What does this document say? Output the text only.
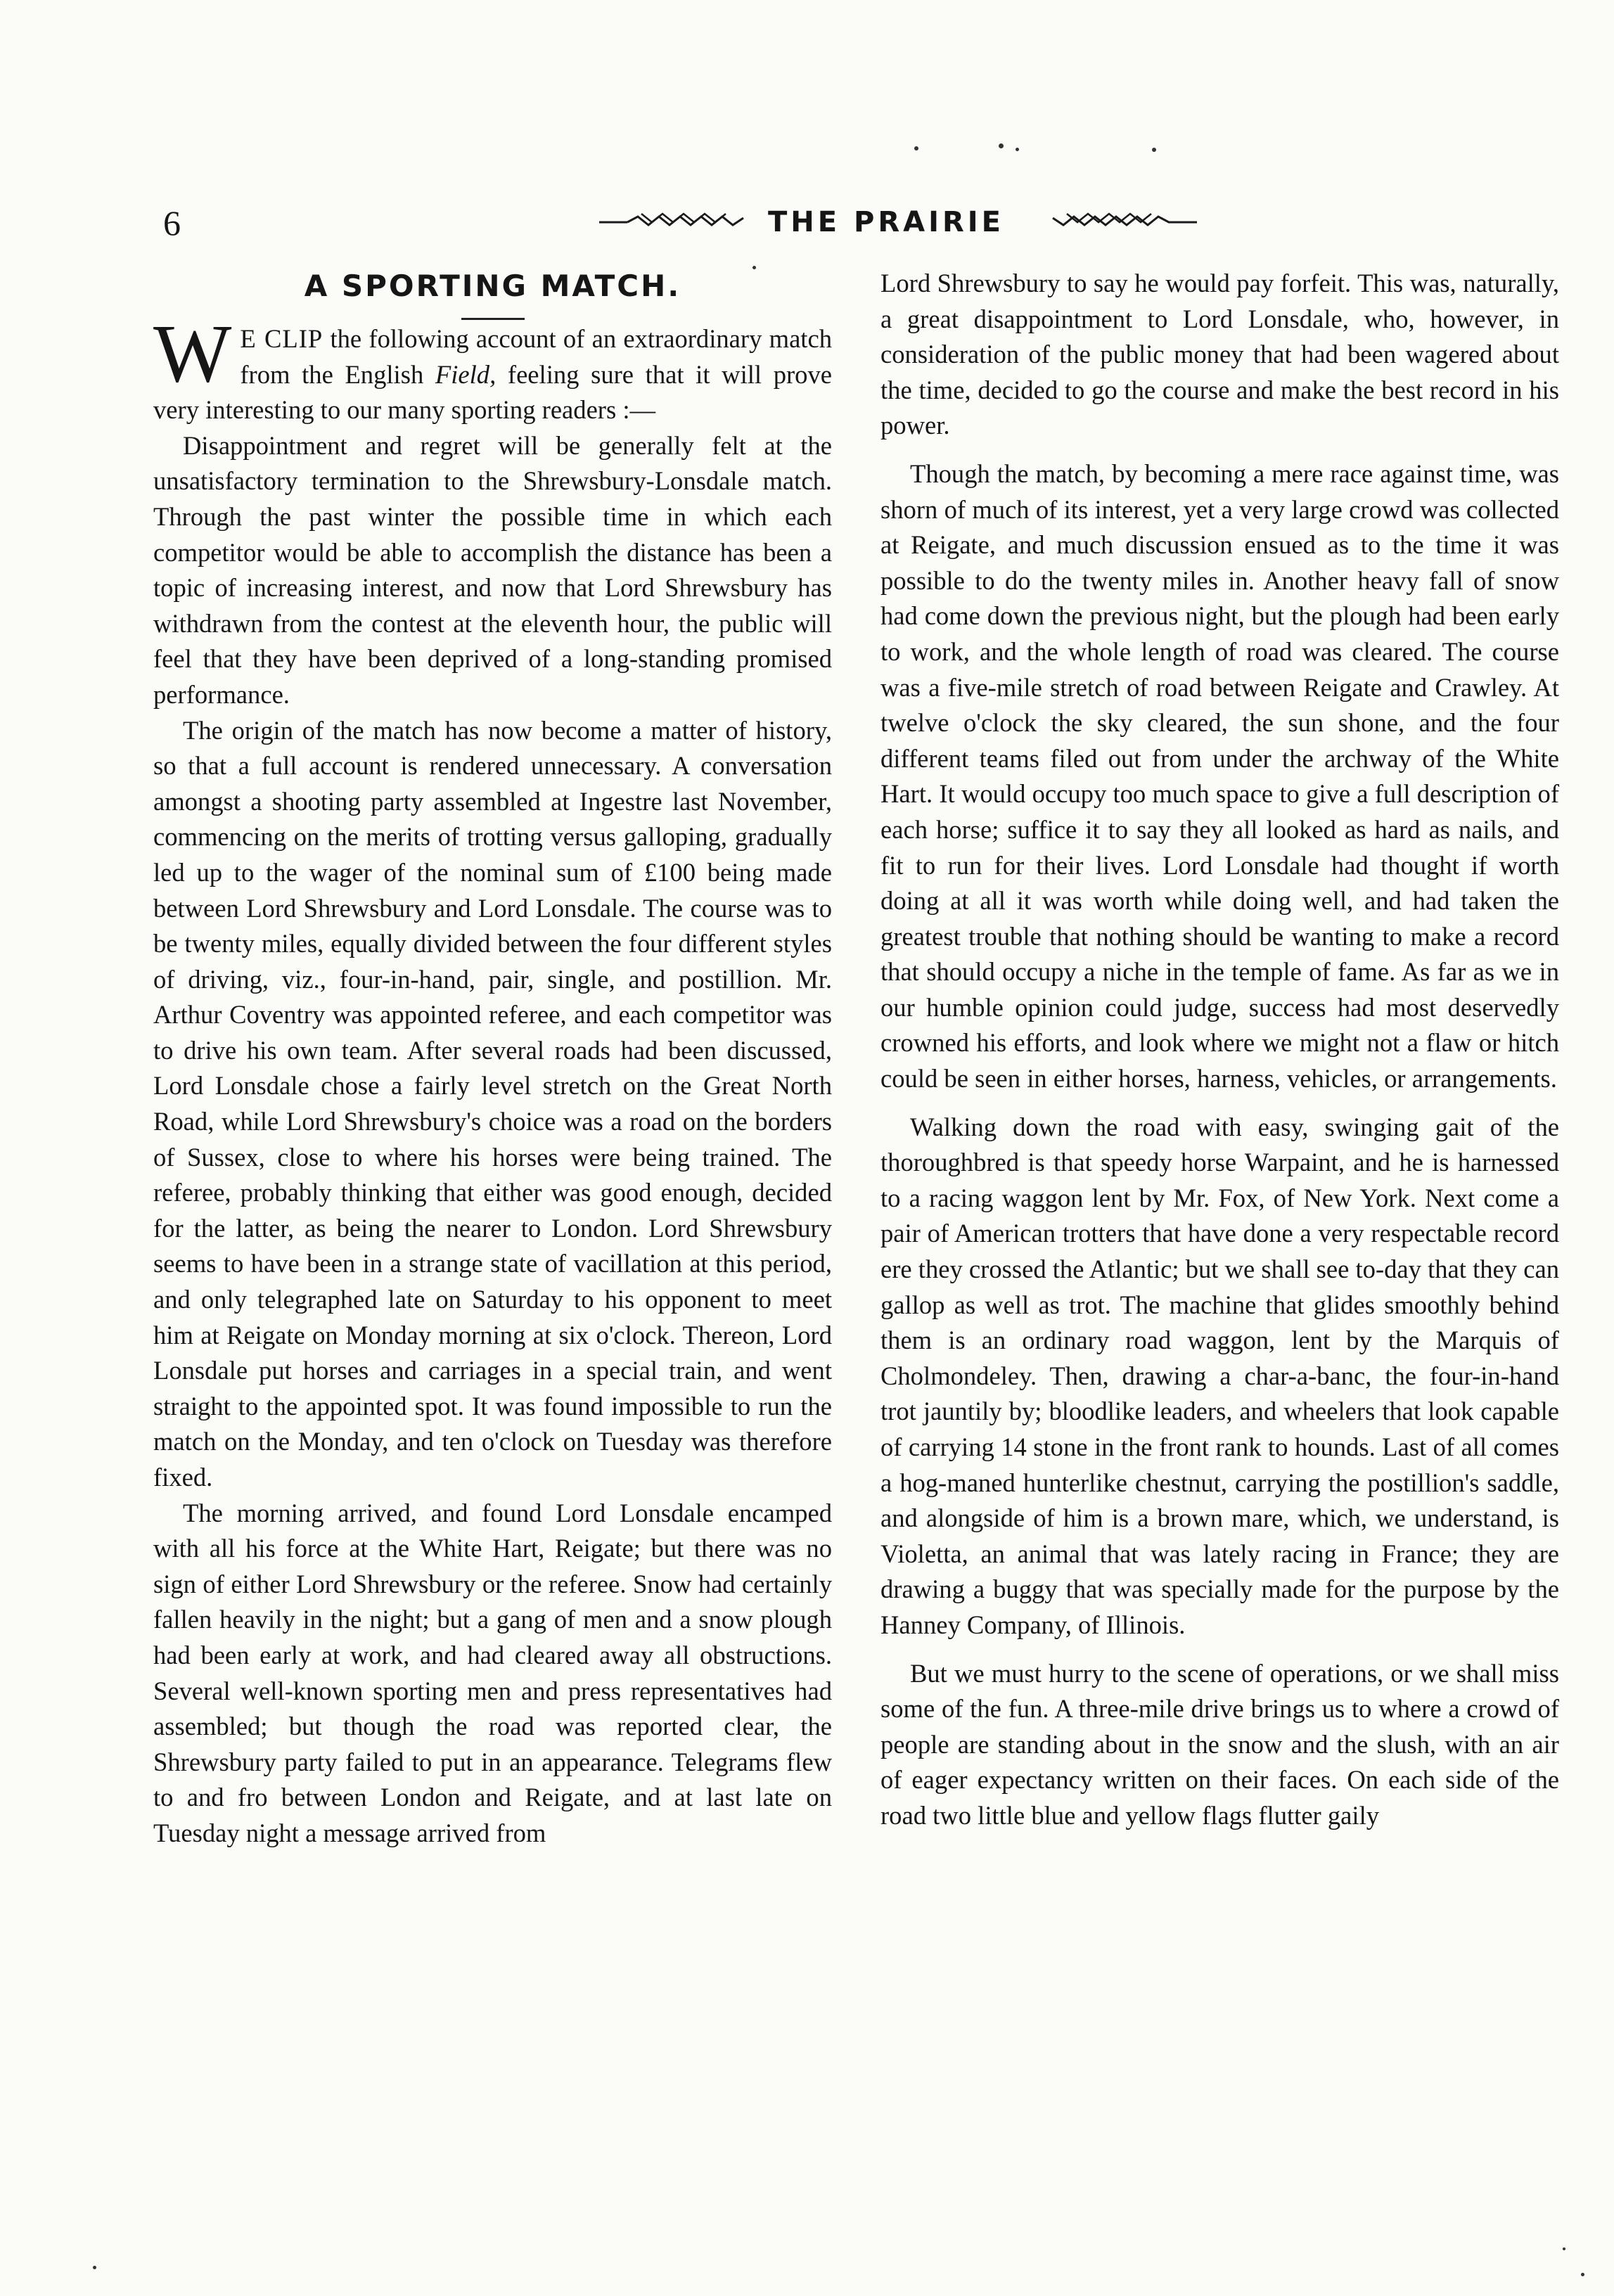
6	THE PRAIRIE
A SPORTING MATCH.

W E CLIP the following account of an extraordinary match from the English Field, feeling sure that it will prove very interesting to our many sporting readers :—

Disappointment and regret will be generally felt at the unsatisfactory termination to the Shrewsbury-Lonsdale match. Through the past winter the possible time in which each competitor would be able to accomplish the distance has been a topic of increasing interest, and now that Lord Shrewsbury has withdrawn from the contest at the eleventh hour, the public will feel that they have been deprived of a long-standing promised performance.

The origin of the match has now become a matter of history, so that a full account is rendered unnecessary. A conversation amongst a shooting party assembled at Ingestre last November, commencing on the merits of trotting versus galloping, gradually led up to the wager of the nominal sum of £100 being made between Lord Shrewsbury and Lord Lonsdale. The course was to be twenty miles, equally divided between the four different styles of driving, viz., four-in-hand, pair, single, and postillion. Mr. Arthur Coventry was appointed referee, and each competitor was to drive his own team. After several roads had been discussed, Lord Lonsdale chose a fairly level stretch on the Great North Road, while Lord Shrewsbury's choice was a road on the borders of Sussex, close to where his horses were being trained. The referee, probably thinking that either was good enough, decided for the latter, as being the nearer to London. Lord Shrewsbury seems to have been in a strange state of vacillation at this period, and only telegraphed late on Saturday to his opponent to meet him at Reigate on Monday morning at six o'clock. Thereon, Lord Lonsdale put horses and carriages in a special train, and went straight to the appointed spot. It was found impossible to run the match on the Monday, and ten o'clock on Tuesday was therefore fixed.

The morning arrived, and found Lord Lonsdale encamped with all his force at the White Hart, Reigate; but there was no sign of either Lord Shrewsbury or the referee. Snow had certainly fallen heavily in the night; but a gang of men and a snow plough had been early at work, and had cleared away all obstructions. Several well-known sporting men and press representatives had assembled; but though the road was reported clear, the Shrewsbury party failed to put in an appearance. Telegrams flew to and fro between London and Reigate, and at last late on Tuesday night a message arrived from

Lord Shrewsbury to say he would pay forfeit. This was, naturally, a great disappointment to Lord Lonsdale, who, however, in consideration of the public money that had been wagered about the time, decided to go the course and make the best record in his power.

Though the match, by becoming a mere race against time, was shorn of much of its interest, yet a very large crowd was collected at Reigate, and much discussion ensued as to the time it was possible to do the twenty miles in. Another heavy fall of snow had come down the previous night, but the plough had been early to work, and the whole length of road was cleared. The course was a five-mile stretch of road between Reigate and Crawley. At twelve o'clock the sky cleared, the sun shone, and the four different teams filed out from under the archway of the White Hart. It would occupy too much space to give a full description of each horse; suffice it to say they all looked as hard as nails, and fit to run for their lives. Lord Lonsdale had thought if worth doing at all it was worth while doing well, and had taken the greatest trouble that nothing should be wanting to make a record that should occupy a niche in the temple of fame. As far as we in our humble opinion could judge, success had most deservedly crowned his efforts, and look where we might not a flaw or hitch could be seen in either horses, harness, vehicles, or arrangements.

Walking down the road with easy, swinging gait of the thoroughbred is that speedy horse Warpaint, and he is harnessed to a racing waggon lent by Mr. Fox, of New York. Next come a pair of American trotters that have done a very respectable record ere they crossed the Atlantic; but we shall see to-day that they can gallop as well as trot. The machine that glides smoothly behind them is an ordinary road waggon, lent by the Marquis of Cholmondeley. Then, drawing a char-a-banc, the four-in-hand trot jauntily by; bloodlike leaders, and wheelers that look capable of carrying 14 stone in the front rank to hounds. Last of all comes a hog-maned hunterlike chestnut, carrying the postillion's saddle, and alongside of him is a brown mare, which, we understand, is Violetta, an animal that was lately racing in France; they are drawing a buggy that was specially made for the purpose by the Hanney Company, of Illinois.

But we must hurry to the scene of operations, or we shall miss some of the fun. A three-mile drive brings us to where a crowd of people are standing about in the snow and the slush, with an air of eager expectancy written on their faces. On each side of the road two little blue and yellow flags flutter gaily
